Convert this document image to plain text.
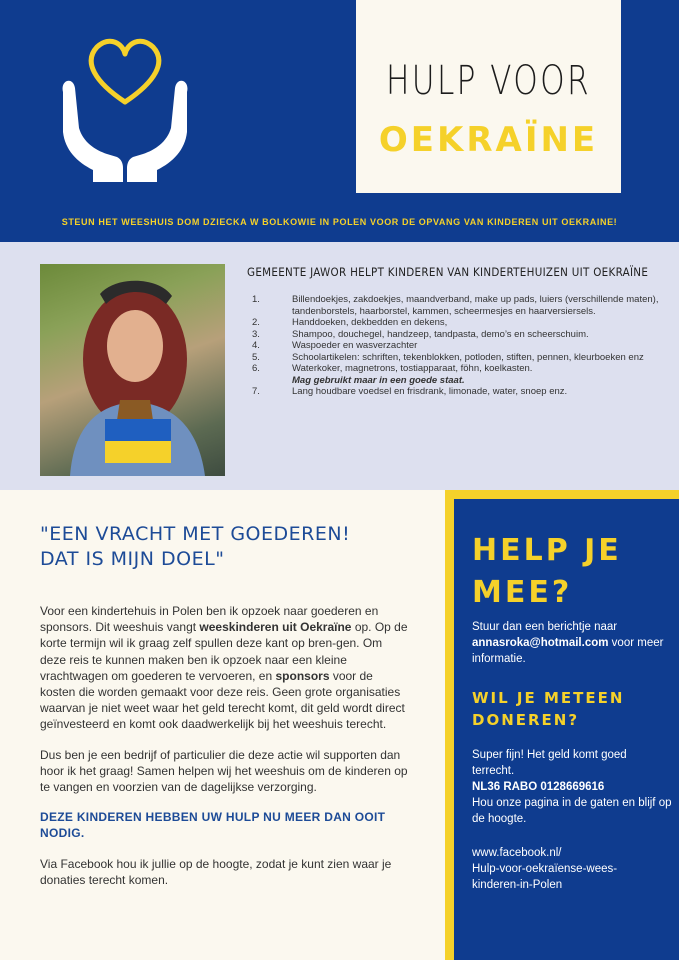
HULP VOOR
OEKRAÏNE
STEUN HET WEESHUIS DOM DZIECKA W BOLKOWIE IN POLEN VOOR DE OPVANG VAN KINDEREN UIT OEKRAINE!
GEMEENTE JAWOR HELPT KINDEREN VAN KINDERTEHUIZEN UIT OEKRAÏNE
1.	Billendoekjes, zakdoekjes, maandverband, make up pads, luiers (verschillende maten), tandenborstels, haarborstel, kammen, scheermesjes en haarversiersels.
2.	Handdoeken, dekbedden en dekens,
3.	Shampoo, douchegel, handzeep, tandpasta, demo’s en scheerschuim.
4.	Waspoeder en wasverzachter
5.	Schoolartikelen: schriften, tekenblokken, potloden, stiften, pennen, kleurboeken enz
6.	Waterkoker, magnetrons, tostiapparaat, föhn, koelkasten.
Mag gebruikt maar in een goede staat.
7.	Lang houdbare voedsel en frisdrank, limonade, water, snoep enz.
"EEN VRACHT MET GOEDEREN!
DAT IS MIJN DOEL"

Voor een kindertehuis in Polen ben ik opzoek naar goederen en sponsors. Dit weeshuis vangt weeskinderen uit Oekraïne op. Op de korte termijn wil ik graag zelf spullen deze kant op bren-gen. Om deze reis te kunnen maken ben ik opzoek naar een kleine vrachtwagen om goederen te vervoeren, en sponsors voor de kosten die worden gemaakt voor deze reis. Geen grote organisaties waarvan je niet weet waar het geld terecht komt, dit geld wordt direct geïnvesteerd en komt ook daadwerkelijk bij het weeshuis terecht.

Dus ben je een bedrijf of particulier die deze actie wil supporten dan hoor ik het graag! Samen helpen wij het weeshuis om de kinderen op te vangen en voorzien van de dagelijkse verzorging.

DEZE KINDEREN HEBBEN UW HULP NU MEER DAN OOIT NODIG.

Via Facebook hou ik jullie op de hoogte, zodat je kunt zien waar je donaties terecht komen.

HELP JE
MEE?
Stuur dan een berichtje naar annasroka@hotmail.com voor meer informatie.
WIL JE METEEN
DONEREN?
Super fijn! Het geld komt goed terrecht.
NL36 RABO 0128669616
Hou onze pagina in de gaten en blijf op de hoogte.
www.facebook.nl/
Hulp-voor-oekraïense-wees-
kinderen-in-Polen
